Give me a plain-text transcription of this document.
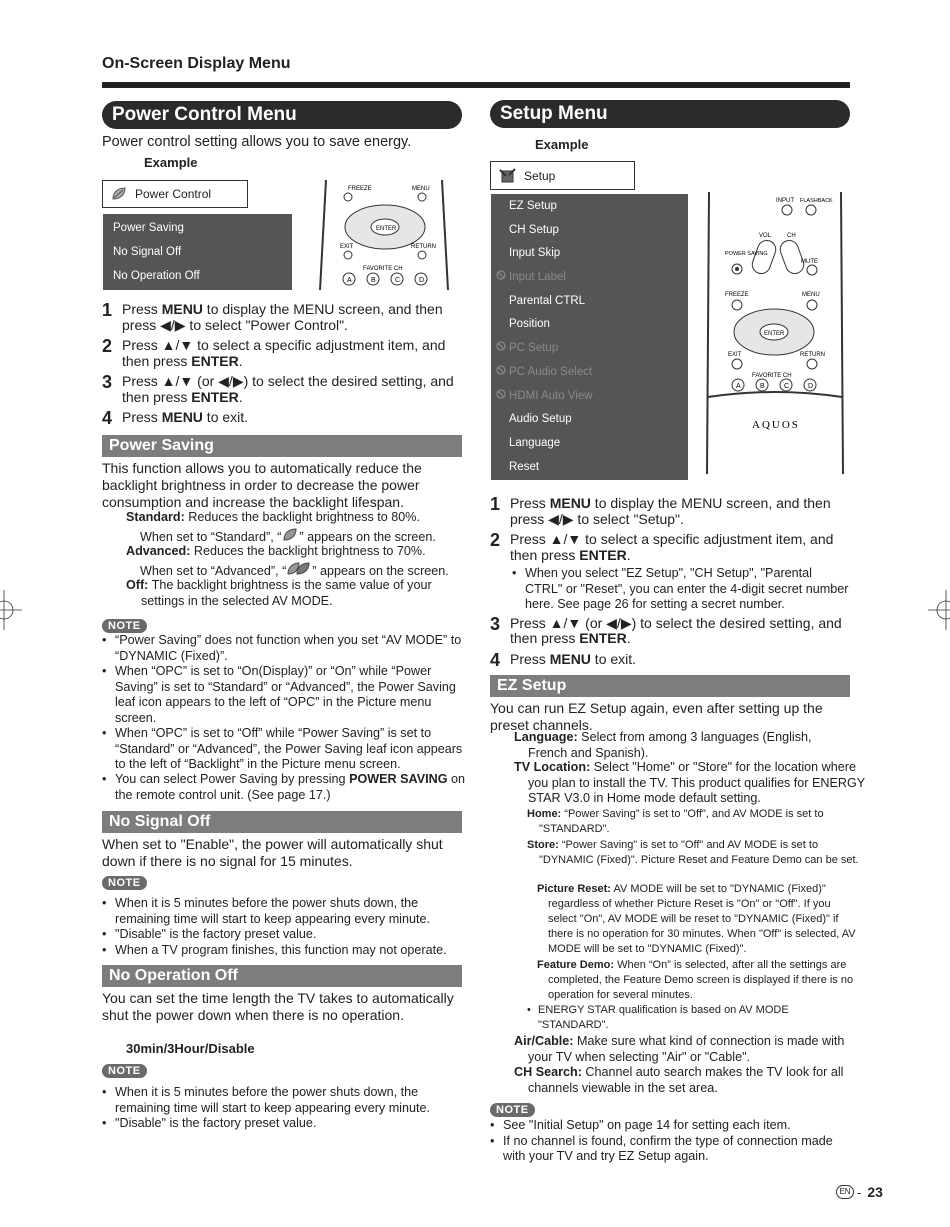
On-Screen Display Menu
Power Control Menu
Power control setting allows you to save energy.
Example
Power Control
Power Saving
No Signal Off
No Operation Off
FREEZE	MENU
ENTER
EXIT	RETURN
FAVORITE CH
A	B	C	D
1 Press MENU to display the MENU screen, and then press ◀/▶ to select "Power Control".
2 Press ▲/▼ to select a specific adjustment item, and then press ENTER.
3 Press ▲/▼ (or ◀/▶) to select the desired setting, and then press ENTER.
4 Press MENU to exit.
Power Saving
This function allows you to automatically reduce the backlight brightness in order to decrease the power consumption and increase the backlight lifespan.
Standard: Reduces the backlight brightness to 80%.
When set to “Standard”, “ ” appears on the screen.
Advanced: Reduces the backlight brightness to 70%.
When set to “Advanced”, “ ” appears on the screen.
Off: The backlight brightness is the same value of your settings in the selected AV MODE.
NOTE
• “Power Saving” does not function when you set “AV MODE” to “DYNAMIC (Fixed)”.
• When “OPC” is set to “On(Display)” or “On” while “Power Saving” is set to “Standard” or “Advanced”, the Power Saving leaf icon appears to the left of “OPC” in the Picture menu screen.
• When “OPC” is set to “Off” while “Power Saving” is set to “Standard” or “Advanced”, the Power Saving leaf icon appears to the left of “Backlight” in the Picture menu screen.
• You can select Power Saving by pressing POWER SAVING on the remote control unit. (See page 17.)
No Signal Off
When set to "Enable", the power will automatically shut down if there is no signal for 15 minutes.
NOTE
• When it is 5 minutes before the power shuts down, the remaining time will start to keep appearing every minute.
• "Disable" is the factory preset value.
• When a TV program finishes, this function may not operate.
No Operation Off
You can set the time length the TV takes to automatically shut the power down when there is no operation.
30min/3Hour/Disable
NOTE
• When it is 5 minutes before the power shuts down, the remaining time will start to keep appearing every minute.
• "Disable" is the factory preset value.
Setup Menu
Example
Setup
EZ Setup
CH Setup
Input Skip
Input Label
Parental CTRL
Position
PC Setup
PC Audio Select
HDMI Auto View
Audio Setup
Language
Reset
INPUT FLASHBACK
VOL	CH
POWER SAVING
MUTE
FREEZE	MENU
ENTER
EXIT	RETURN
FAVORITE CH
A	B	C	D
AQUOS
1 Press MENU to display the MENU screen, and then press ◀/▶ to select "Setup".
2 Press ▲/▼ to select a specific adjustment item, and then press ENTER.
• When you select "EZ Setup", "CH Setup", "Parental CTRL" or "Reset", you can enter the 4-digit secret number here. See page 26 for setting a secret number.
3 Press ▲/▼ (or ◀/▶) to select the desired setting, and then press ENTER.
4 Press MENU to exit.
EZ Setup
You can run EZ Setup again, even after setting up the preset channels.
Language: Select from among 3 languages (English, French and Spanish).
TV Location: Select "Home" or "Store" for the location where you plan to install the TV. This product qualifies for ENERGY STAR V3.0 in Home mode default setting.
Home: “Power Saving” is set to "Off", and AV MODE is set to "STANDARD".
Store: “Power Saving” is set to "Off" and AV MODE is set to "DYNAMIC (Fixed)". Picture Reset and Feature Demo can be set.
Picture Reset: AV MODE will be set to "DYNAMIC (Fixed)" regardless of whether Picture Reset is "On" or "Off". If you select "On", AV MODE will be reset to "DYNAMIC (Fixed)" if there is no operation for 30 minutes. When "Off" is selected, AV MODE will be set to "DYNAMIC (Fixed)".
Feature Demo: When “On” is selected, after all the settings are completed, the Feature Demo screen is displayed if there is no operation for several minutes.
• ENERGY STAR qualification is based on AV MODE "STANDARD".
Air/Cable: Make sure what kind of connection is made with your TV when selecting "Air" or "Cable".
CH Search: Channel auto search makes the TV look for all channels viewable in the set area.
NOTE
• See "Initial Setup" on page 14 for setting each item.
• If no channel is found, confirm the type of connection made with your TV and try EZ Setup again.
EN - 23
